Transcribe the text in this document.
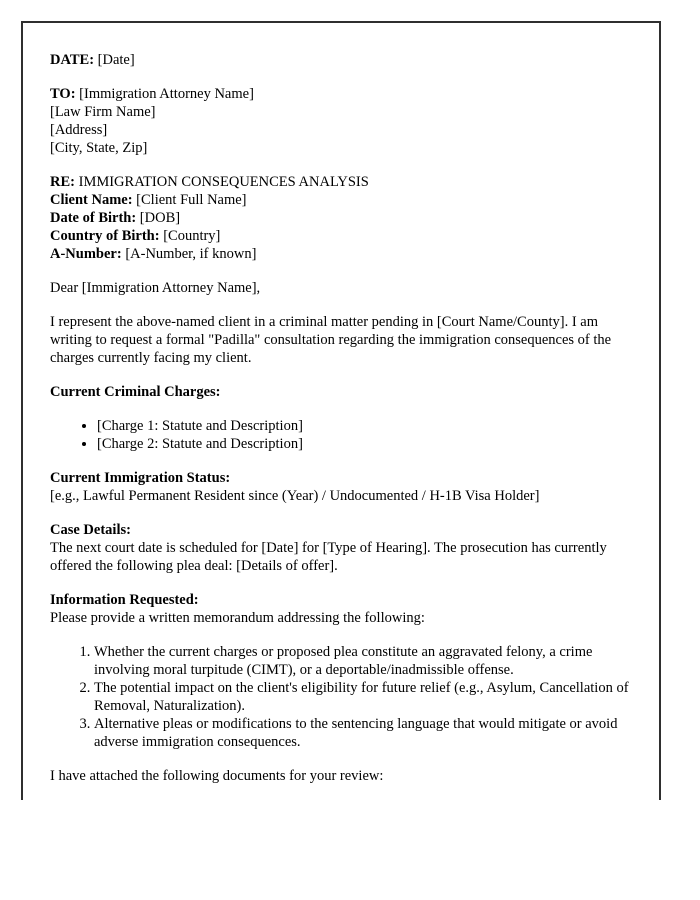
DATE: [Date]

TO: [Immigration Attorney Name]
[Law Firm Name]
[Address]
[City, State, Zip]
RE: IMMIGRATION CONSEQUENCES ANALYSIS
Client Name: [Client Full Name]
Date of Birth: [DOB]
Country of Birth: [Country]
A-Number: [A-Number, if known]

Dear [Immigration Attorney Name],

I represent the above-named client in a criminal matter pending in [Court Name/County]. I am writing to request a formal "Padilla" consultation regarding the immigration consequences of the charges currently facing my client.

Current Criminal Charges:

• [Charge 1: Statute and Description]
• [Charge 2: Statute and Description]
Current Immigration Status:
[e.g., Lawful Permanent Resident since (Year) / Undocumented / H-1B Visa Holder]
Case Details:
The next court date is scheduled for [Date] for [Type of Hearing]. The prosecution has currently offered the following plea deal: [Details of offer].
Information Requested:
Please provide a written memorandum addressing the following:
1. Whether the current charges or proposed plea constitute an aggravated felony, a crime involving moral turpitude (CIMT), or a deportable/inadmissible offense.
2. The potential impact on the client's eligibility for future relief (e.g., Asylum, Cancellation of Removal, Naturalization).
3. Alternative pleas or modifications to the sentencing language that would mitigate or avoid adverse immigration consequences.

I have attached the following documents for your review:
